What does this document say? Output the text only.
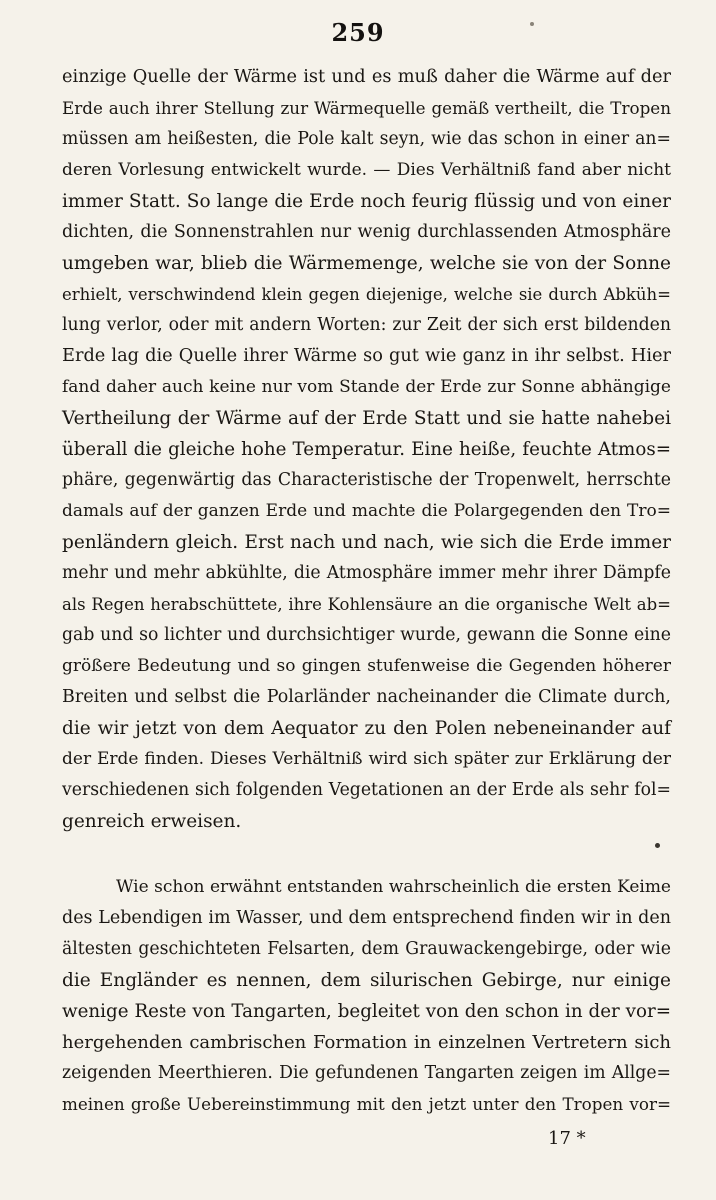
259
einzige Quelle der Wärme ist und es muß daher die Wärme auf der
Erde auch ihrer Stellung zur Wärmequelle gemäß vertheilt, die Tropen
müssen am heißesten, die Pole kalt seyn, wie das schon in einer an=
deren Vorlesung entwickelt wurde. — Dies Verhältniß fand aber nicht
immer Statt. So lange die Erde noch feurig flüssig und von einer
dichten, die Sonnenstrahlen nur wenig durchlassenden Atmosphäre
umgeben war, blieb die Wärmemenge, welche sie von der Sonne
erhielt, verschwindend klein gegen diejenige, welche sie durch Abküh=
lung verlor, oder mit andern Worten: zur Zeit der sich erst bildenden
Erde lag die Quelle ihrer Wärme so gut wie ganz in ihr selbst. Hier
fand daher auch keine nur vom Stande der Erde zur Sonne abhängige
Vertheilung der Wärme auf der Erde Statt und sie hatte nahebei
überall die gleiche hohe Temperatur. Eine heiße, feuchte Atmos=
phäre, gegenwärtig das Characteristische der Tropenwelt, herrschte
damals auf der ganzen Erde und machte die Polargegenden den Tro=
penländern gleich. Erst nach und nach, wie sich die Erde immer
mehr und mehr abkühlte, die Atmosphäre immer mehr ihrer Dämpfe
als Regen herabschüttete, ihre Kohlensäure an die organische Welt ab=
gab und so lichter und durchsichtiger wurde, gewann die Sonne eine
größere Bedeutung und so gingen stufenweise die Gegenden höherer
Breiten und selbst die Polarländer nacheinander die Climate durch,
die wir jetzt von dem Aequator zu den Polen nebeneinander auf
der Erde finden. Dieses Verhältniß wird sich später zur Erklärung der
verschiedenen sich folgenden Vegetationen an der Erde als sehr fol=
genreich erweisen.
Wie schon erwähnt entstanden wahrscheinlich die ersten Keime
des Lebendigen im Wasser, und dem entsprechend finden wir in den
ältesten geschichteten Felsarten, dem Grauwackengebirge, oder wie
die Engländer es nennen, dem silurischen Gebirge, nur einige
wenige Reste von Tangarten, begleitet von den schon in der vor=
hergehenden cambrischen Formation in einzelnen Vertretern sich
zeigenden Meerthieren. Die gefundenen Tangarten zeigen im Allge=
meinen große Uebereinstimmung mit den jetzt unter den Tropen vor=
17 *
